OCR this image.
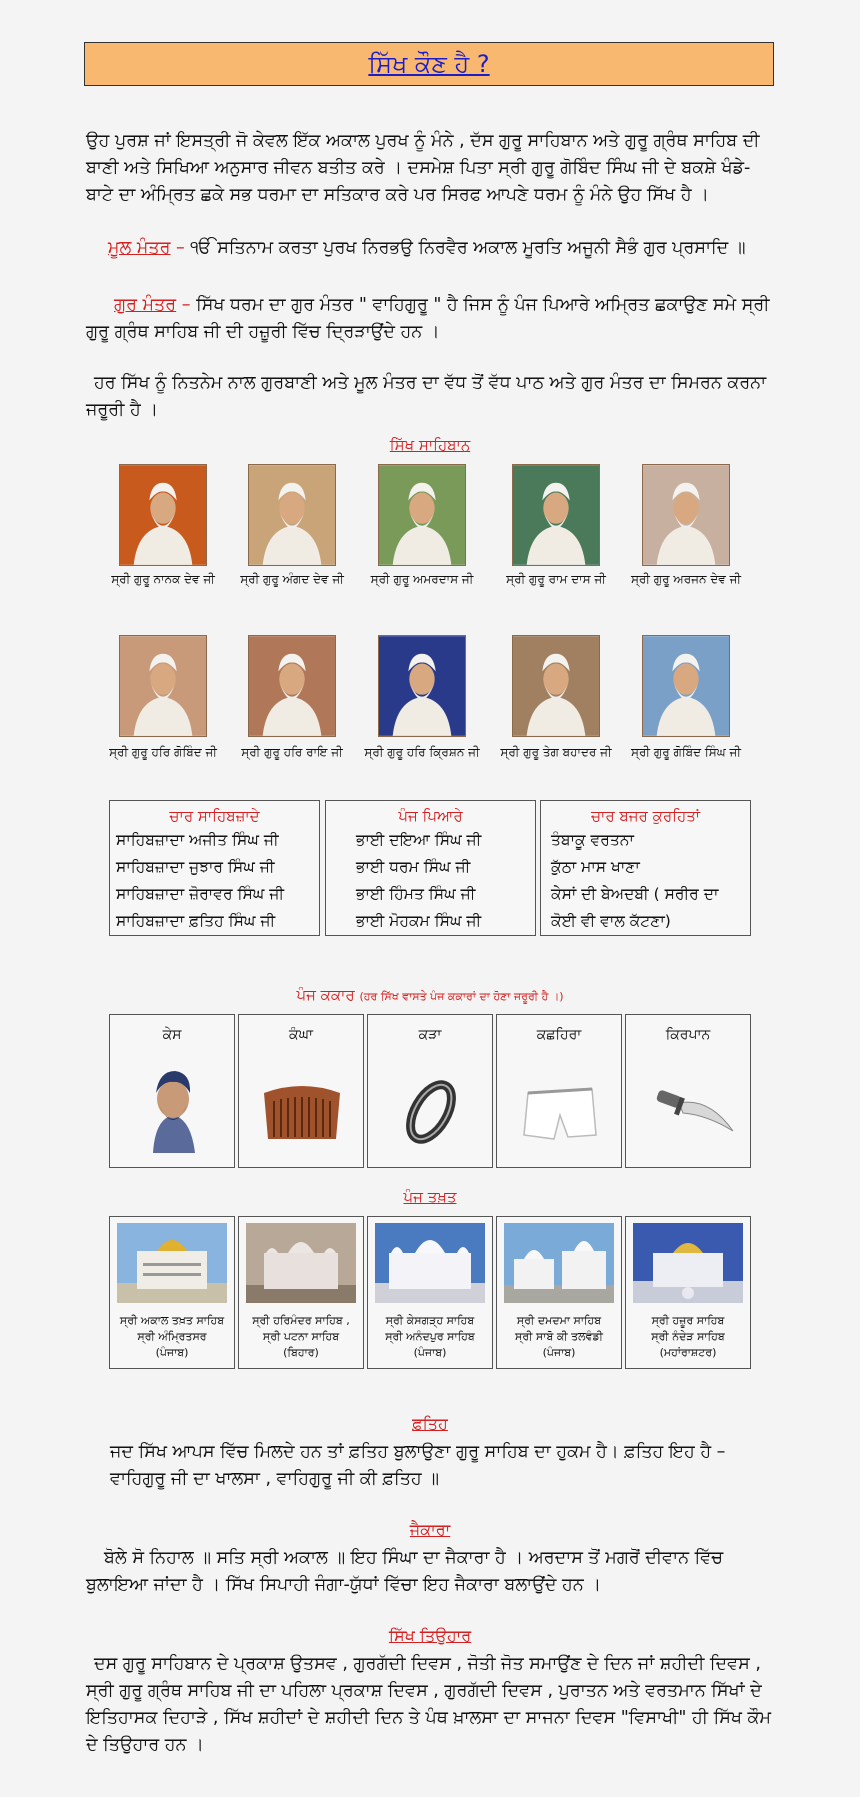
ਸਿੱਖ ਕੌਣ ਹੈ ?
ਉਹ ਪੁਰਸ਼ ਜਾਂ ਇਸਤ੍ਰੀ ਜੋ ਕੇਵਲ ਇੱਕ ਅਕਾਲ ਪੁਰਖ ਨੂੰ ਮੰਨੇ , ਦੱਸ ਗੁਰੂ ਸਾਹਿਬਾਨ ਅਤੇ ਗੁਰੂ ਗ੍ਰੰਥ ਸਾਹਿਬ ਦੀ ਬਾਣੀ ਅਤੇ ਸਿਖਿਆ ਅਨੁਸਾਰ ਜੀਵਨ ਬਤੀਤ ਕਰੇ । ਦਸਮੇਸ਼ ਪਿਤਾ ਸ੍ਰੀ ਗੁਰੂ ਗੋਬਿੰਦ ਸਿੰਘ ਜੀ ਦੇ ਬਕਸ਼ੇ ਖੰਡੇ-ਬਾਟੇ ਦਾ ਅੰਮ੍ਰਿਤ ਛਕੇ ਸਭ ਧਰਮਾ ਦਾ ਸਤਿਕਾਰ ਕਰੇ ਪਰ ਸਿਰਫ ਆਪਣੇ ਧਰਮ ਨੂੰ ਮੰਨੇ ਉਹ ਸਿੱਖ ਹੈ ।
ਮੂਲ ਮੰਤਰ – ੴ ਸਤਿਨਾਮ ਕਰਤਾ ਪੁਰਖ ਨਿਰਭਉ ਨਿਰਵੈਰ ਅਕਾਲ ਮੂਰਤਿ ਅਜੂਨੀ ਸੈਭੰ ਗੁਰ ਪ੍ਰਸਾਦਿ ॥
ਗੁਰ ਮੰਤਰ – ਸਿੱਖ ਧਰਮ ਦਾ ਗੁਰ ਮੰਤਰ " ਵਾਹਿਗੁਰੂ " ਹੈ ਜਿਸ ਨੂੰ ਪੰਜ ਪਿਆਰੇ ਅਮ੍ਰਿਤ ਛਕਾਉਣ ਸਮੇ ਸ੍ਰੀ ਗੁਰੂ ਗ੍ਰੰਥ ਸਾਹਿਬ ਜੀ ਦੀ ਹਜ਼ੂਰੀ ਵਿੱਚ ਦ੍ਰਿੜਾਉਂਦੇ ਹਨ ।
ਹਰ ਸਿੱਖ ਨੂੰ ਨਿਤਨੇਮ ਨਾਲ ਗੁਰਬਾਣੀ ਅਤੇ ਮੂਲ ਮੰਤਰ ਦਾ ਵੱਧ ਤੋਂ ਵੱਧ ਪਾਠ ਅਤੇ ਗੁਰ ਮੰਤਰ ਦਾ ਸਿਮਰਨ ਕਰਨਾ ਜਰੂਰੀ ਹੈ ।
ਸਿੱਖ ਸਾਹਿਬਾਨ
ਸ੍ਰੀ ਗੁਰੂ ਨਾਨਕ ਦੇਵ ਜੀ	ਸ੍ਰੀ ਗੁਰੂ ਅੰਗਦ ਦੇਵ ਜੀ	ਸ੍ਰੀ ਗੁਰੂ ਅਮਰਦਾਸ ਜੀ	ਸ੍ਰੀ ਗੁਰੂ ਰਾਮ ਦਾਸ ਜੀ	ਸ੍ਰੀ ਗੁਰੂ ਅਰਜਨ ਦੇਵ ਜੀ
ਸ੍ਰੀ ਗੁਰੂ ਹਰਿ ਗੋਬਿੰਦ ਜੀ	ਸ੍ਰੀ ਗੁਰੂ ਹਰਿ ਰਾਇ ਜੀ	ਸ੍ਰੀ ਗੁਰੂ ਹਰਿ ਕ੍ਰਿਸ਼ਨ ਜੀ	ਸ੍ਰੀ ਗੁਰੂ ਤੇਗ ਬਹਾਦਰ ਜੀ	ਸ੍ਰੀ ਗੁਰੂ ਗੋਬਿੰਦ ਸਿੰਘ ਜੀ
ਚਾਰ ਸਾਹਿਬਜ਼ਾਦੇ
ਸਾਹਿਬਜ਼ਾਦਾ ਅਜੀਤ ਸਿੰਘ ਜੀ
ਸਾਹਿਬਜ਼ਾਦਾ ਜੁਝਾਰ ਸਿੰਘ ਜੀ
ਸਾਹਿਬਜ਼ਾਦਾ ਜ਼ੋਰਾਵਰ ਸਿੰਘ ਜੀ
ਸਾਹਿਬਜ਼ਾਦਾ ਫ਼ਤਿਹ ਸਿੰਘ ਜੀ
ਪੰਜ ਪਿਆਰੇ
ਭਾਈ ਦਇਆ ਸਿੰਘ ਜੀ
ਭਾਈ ਧਰਮ ਸਿੰਘ ਜੀ
ਭਾਈ ਹਿੰਮਤ ਸਿੰਘ ਜੀ
ਭਾਈ ਮੋਹਕਮ ਸਿੰਘ ਜੀ
ਚਾਰ ਬਜਰ ਕੁਰਹਿਤਾਂ
ਤੰਬਾਕੂ ਵਰਤਨਾ
ਕੁੱਠਾ ਮਾਸ ਖਾਣਾ
ਕੇਸਾਂ ਦੀ ਬੇਅਦਬੀ ( ਸਰੀਰ ਦਾ
ਕੋਈ ਵੀ ਵਾਲ ਕੱਟਣਾ)
ਪੰਜ ਕਕਾਰ (ਹਰ ਸਿੱਖ ਵਾਸਤੇ ਪੰਜ ਕਕਾਰਾਂ ਦਾ ਹੋਣਾ ਜਰੂਰੀ ਹੈ ।)
ਕੇਸ	ਕੰਘਾ	ਕੜਾ	ਕਛਹਿਰਾ	ਕਿਰਪਾਨ
ਪੰਜ ਤਖ਼ਤ
ਸ੍ਰੀ ਅਕਾਲ ਤਖ਼ਤ ਸਾਹਿਬ
ਸ੍ਰੀ ਅੰਮ੍ਰਿਤਸਰ
(ਪੰਜਾਬ)
ਸ੍ਰੀ ਹਰਿਮੰਦਰ ਸਾਹਿਬ ,
ਸ੍ਰੀ ਪਟਨਾ ਸਾਹਿਬ
(ਬਿਹਾਰ)
ਸ੍ਰੀ ਕੇਸਗੜ੍ਹ ਸਾਹਿਬ
ਸ੍ਰੀ ਅਨੰਦਪੁਰ ਸਾਹਿਬ
(ਪੰਜਾਬ)
ਸ੍ਰੀ ਦਮਦਮਾ ਸਾਹਿਬ
ਸ੍ਰੀ ਸਾਬੋ ਕੀ ਤਲਵੰਡੀ
(ਪੰਜਾਬ)
ਸ੍ਰੀ ਹਜ਼ੂਰ ਸਾਹਿਬ
ਸ੍ਰੀ ਨੰਦੇੜ ਸਾਹਿਬ
(ਮਹਾਂਰਾਸ਼ਟਰ)
ਫ਼ਤਿਹ
ਜਦ ਸਿੱਖ ਆਪਸ ਵਿੱਚ ਮਿਲਦੇ ਹਨ ਤਾਂ ਫ਼ਤਿਹ ਬੁਲਾਉਣਾ ਗੁਰੂ ਸਾਹਿਬ ਦਾ ਹੁਕਮ ਹੈ। ਫ਼ਤਿਹ ਇਹ ਹੈ – ਵਾਹਿਗੁਰੂ ਜੀ ਦਾ ਖਾਲਸਾ , ਵਾਹਿਗੁਰੂ ਜੀ ਕੀ ਫ਼ਤਿਹ ॥
ਜੈਕਾਰਾ
ਬੋਲੇ ਸੋ ਨਿਹਾਲ ॥ ਸਤਿ ਸ੍ਰੀ ਅਕਾਲ ॥ ਇਹ ਸਿੰਘਾ ਦਾ ਜੈਕਾਰਾ ਹੈ । ਅਰਦਾਸ ਤੋਂ ਮਗਰੋਂ ਦੀਵਾਨ ਵਿੱਚ ਬੁਲਾਇਆ ਜਾਂਦਾ ਹੈ । ਸਿੱਖ ਸਿਪਾਹੀ ਜੰਗਾ-ਯੁੱਧਾਂ ਵਿੱਚਾ ਇਹ ਜੈਕਾਰਾ ਬਲਾਉਂਦੇ ਹਨ ।
ਸਿੱਖ ਤਿਉਹਾਰ
ਦਸ ਗੁਰੂ ਸਾਹਿਬਾਨ ਦੇ ਪ੍ਰਕਾਸ਼ ਉਤਸਵ , ਗੁਰਗੱਦੀ ਦਿਵਸ , ਜੋਤੀ ਜੋਤ ਸਮਾਉਂਣ ਦੇ ਦਿਨ ਜਾਂ ਸ਼ਹੀਦੀ ਦਿਵਸ , ਸ੍ਰੀ ਗੁਰੂ ਗ੍ਰੰਥ ਸਾਹਿਬ ਜੀ ਦਾ ਪਹਿਲਾ ਪ੍ਰਕਾਸ਼ ਦਿਵਸ , ਗੁਰਗੱਦੀ ਦਿਵਸ , ਪੁਰਾਤਨ ਅਤੇ ਵਰਤਮਾਨ ਸਿੱਖਾਂ ਦੇ ਇਤਿਹਾਸਕ ਦਿਹਾੜੇ , ਸਿੱਖ ਸ਼ਹੀਦਾਂ ਦੇ ਸ਼ਹੀਦੀ ਦਿਨ ਤੇ ਪੰਥ ਖ਼ਾਲਸਾ ਦਾ ਸਾਜਨਾ ਦਿਵਸ "ਵਿਸਾਖੀ" ਹੀ ਸਿੱਖ ਕੌਮ ਦੇ ਤਿਉਹਾਰ ਹਨ ।
